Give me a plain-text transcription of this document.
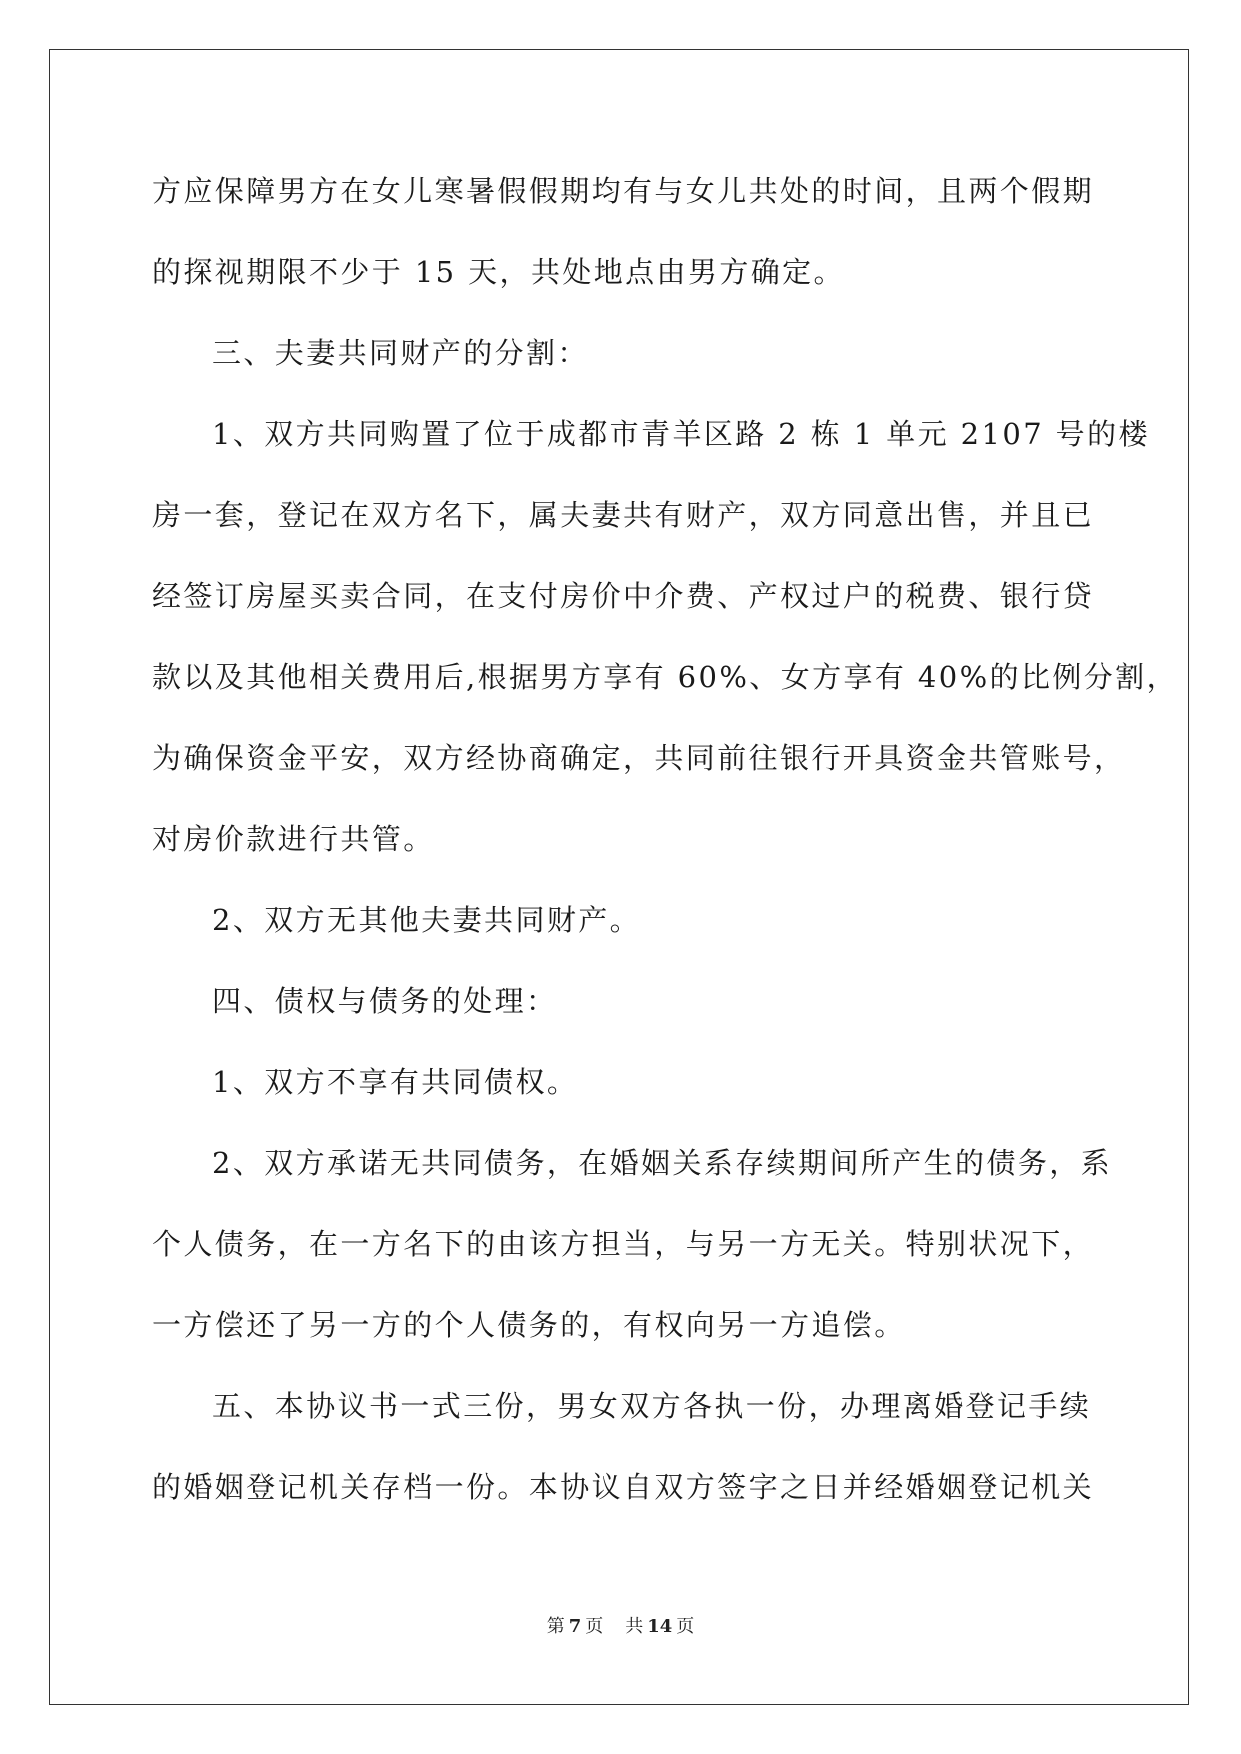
方应保障男方在女儿寒暑假假期均有与女儿共处的时间，且两个假期
的探视期限不少于 15 天，共处地点由男方确定。
三、夫妻共同财产的分割：
1、双方共同购置了位于成都市青羊区路 2 栋 1 单元 2107 号的楼
房一套，登记在双方名下，属夫妻共有财产，双方同意出售，并且已
经签订房屋买卖合同，在支付房价中介费、产权过户的税费、银行贷
款以及其他相关费用后,根据男方享有 60%、女方享有 40%的比例分割，
为确保资金平安，双方经协商确定，共同前往银行开具资金共管账号，
对房价款进行共管。
2、双方无其他夫妻共同财产。
四、债权与债务的处理：
1、双方不享有共同债权。
2、双方承诺无共同债务，在婚姻关系存续期间所产生的债务，系
个人债务，在一方名下的由该方担当，与另一方无关。特别状况下，
一方偿还了另一方的个人债务的，有权向另一方追偿。
五、本协议书一式三份，男女双方各执一份，办理离婚登记手续
的婚姻登记机关存档一份。本协议自双方签字之日并经婚姻登记机关
第 7 页 共 14 页
